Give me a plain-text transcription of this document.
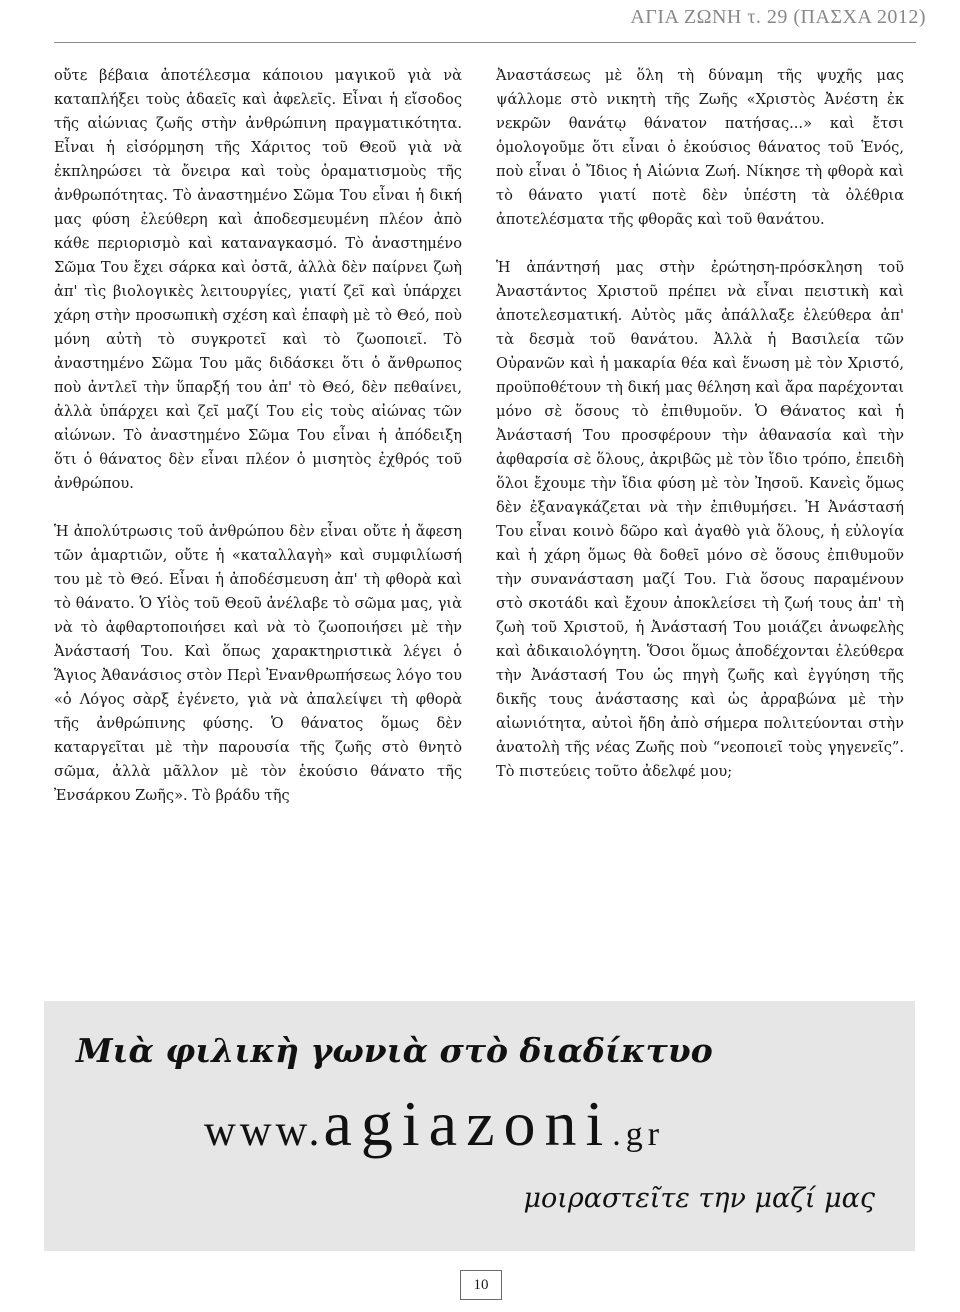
ΑΓΙΑ ΖΩΝΗ τ. 29 (ΠΑΣΧΑ 2012)

οὔτε βέβαια ἀποτέλεσμα κάποιου μαγικοῦ γιὰ νὰ καταπλήξει τοὺς ἀδαεῖς καὶ ἀφελεῖς. Εἶναι ἡ εἴσοδος τῆς αἰώνιας ζωῆς στὴν ἀνθρώπινη πραγματικότητα. Εἶναι ἡ εἰσόρμηση τῆς Χάριτος τοῦ Θεοῦ γιὰ νὰ ἐκπληρώσει τὰ ὄνειρα καὶ τοὺς ὁραματισμοὺς τῆς ἀνθρωπότητας. Τὸ ἀναστημένο Σῶμα Του εἶναι ἡ δική μας φύση ἐλεύθερη καὶ ἀποδεσμευμένη πλέον ἀπὸ κάθε περιορισμὸ καὶ καταναγκασμό. Τὸ ἀναστημένο Σῶμα Του ἔχει σάρκα καὶ ὀστᾶ, ἀλλὰ δὲν παίρνει ζωὴ ἀπ' τὶς βιολογικὲς λειτουργίες, γιατί ζεῖ καὶ ὑπάρχει χάρη στὴν προσωπικὴ σχέση καὶ ἐπαφὴ μὲ τὸ Θεό, ποὺ μόνη αὐτὴ τὸ συγκροτεῖ καὶ τὸ ζωοποιεῖ. Τὸ ἀναστημένο Σῶμα Του μᾶς διδάσκει ὅτι ὁ ἄνθρωπος ποὺ ἀντλεῖ τὴν ὕπαρξή του ἀπ' τὸ Θεό, δὲν πεθαίνει, ἀλλὰ ὑπάρχει καὶ ζεῖ μαζί Του εἰς τοὺς αἰώνας τῶν αἰώνων. Τὸ ἀναστημένο Σῶμα Του εἶναι ἡ ἀπόδειξη ὅτι ὁ θάνατος δὲν εἶναι πλέον ὁ μισητὸς ἐχθρός τοῦ ἀνθρώπου.

Ἡ ἀπολύτρωσις τοῦ ἀνθρώπου δὲν εἶναι οὔτε ἡ ἄφεση τῶν ἁμαρτιῶν, οὔτε ἡ «καταλλαγὴ» καὶ συμφιλίωσή του μὲ τὸ Θεό. Εἶναι ἡ ἀποδέσμευση ἀπ' τὴ φθορὰ καὶ τὸ θάνατο. Ὁ Υἱὸς τοῦ Θεοῦ ἀνέλαβε τὸ σῶμα μας, γιὰ νὰ τὸ ἀφθαρτοποιήσει καὶ νὰ τὸ ζωοποιήσει μὲ τὴν Ἀνάστασή Του. Καὶ ὅπως χαρακτηριστικὰ λέγει ὁ Ἅγιος Ἀθανάσιος στὸν Περὶ Ἐνανθρωπήσεως λόγο του «ὁ Λόγος σὰρξ ἐγένετο, γιὰ νὰ ἀπαλείψει τὴ φθορὰ τῆς ἀνθρώπινης φύσης. Ὁ θάνατος ὅμως δὲν καταργεῖται μὲ τὴν παρουσία τῆς ζωῆς στὸ θνητὸ σῶμα, ἀλλὰ μᾶλλον μὲ τὸν ἑκούσιο θάνατο τῆς Ἐνσάρκου Ζωῆς». Τὸ βράδυ τῆς

Ἀναστάσεως μὲ ὅλη τὴ δύναμη τῆς ψυχῆς μας ψάλλομε στὸ νικητὴ τῆς Ζωῆς «Χριστὸς Ἀνέστη ἐκ νεκρῶν θανάτῳ θάνατον πατήσας...» καὶ ἔτσι ὁμολογοῦμε ὅτι εἶναι ὁ ἑκούσιος θάνατος τοῦ Ἑνός, ποὺ εἶναι ὁ Ἴδιος ἡ Αἰώνια Ζωή. Νίκησε τὴ φθορὰ καὶ τὸ θάνατο γιατί ποτὲ δὲν ὑπέστη τὰ ὀλέθρια ἀποτελέσματα τῆς φθορᾶς καὶ τοῦ θανάτου.

Ἡ ἀπάντησή μας στὴν ἐρώτηση-πρόσκληση τοῦ Ἀναστάντος Χριστοῦ πρέπει νὰ εἶναι πειστικὴ καὶ ἀποτελεσματική. Αὐτὸς μᾶς ἀπάλλαξε ἐλεύθερα ἀπ' τὰ δεσμὰ τοῦ θανάτου. Ἀλλὰ ἡ Βασιλεία τῶν Οὐρανῶν καὶ ἡ μακαρία θέα καὶ ἕνωση μὲ τὸν Χριστό, προϋποθέτουν τὴ δική μας θέληση καὶ ἄρα παρέχονται μόνο σὲ ὅσους τὸ ἐπιθυμοῦν. Ὁ Θάνατος καὶ ἡ Ἀνάστασή Του προσφέρουν τὴν ἀθανασία καὶ τὴν ἀφθαρσία σὲ ὅλους, ἀκριβῶς μὲ τὸν ἴδιο τρόπο, ἐπειδὴ ὅλοι ἔχουμε τὴν ἴδια φύση μὲ τὸν Ἰησοῦ. Κανεὶς ὅμως δὲν ἐξαναγκάζεται νὰ τὴν ἐπιθυμήσει. Ἡ Ἀνάστασή Του εἶναι κοινὸ δῶρο καὶ ἀγαθὸ γιὰ ὅλους, ἡ εὐλογία καὶ ἡ χάρη ὅμως θὰ δοθεῖ μόνο σὲ ὅσους ἐπιθυμοῦν τὴν συνανάσταση μαζί Του. Γιὰ ὅσους παραμένουν στὸ σκοτάδι καὶ ἔχουν ἀποκλείσει τὴ ζωή τους ἀπ' τὴ ζωὴ τοῦ Χριστοῦ, ἡ Ἀνάστασή Του μοιάζει ἀνωφελὴς καὶ ἀδικαιολόγητη. Ὅσοι ὅμως ἀποδέχονται ἐλεύθερα τὴν Ἀνάστασή Του ὡς πηγὴ ζωῆς καὶ ἐγγύηση τῆς δικῆς τους ἀνάστασης καὶ ὡς ἀρραβώνα μὲ τὴν αἰωνιότητα, αὐτοὶ ἤδη ἀπὸ σήμερα πολιτεύονται στὴν ἀνατολὴ τῆς νέας Ζωῆς ποὺ “νεοποιεῖ τοὺς γηγενεῖς”. Τὸ πιστεύεις τοῦτο ἀδελφέ μου;

Μιὰ φιλικὴ γωνιὰ στὸ διαδίκτυο
www.agiazoni.gr
μοιραστεῖτε την μαζί μας
10
